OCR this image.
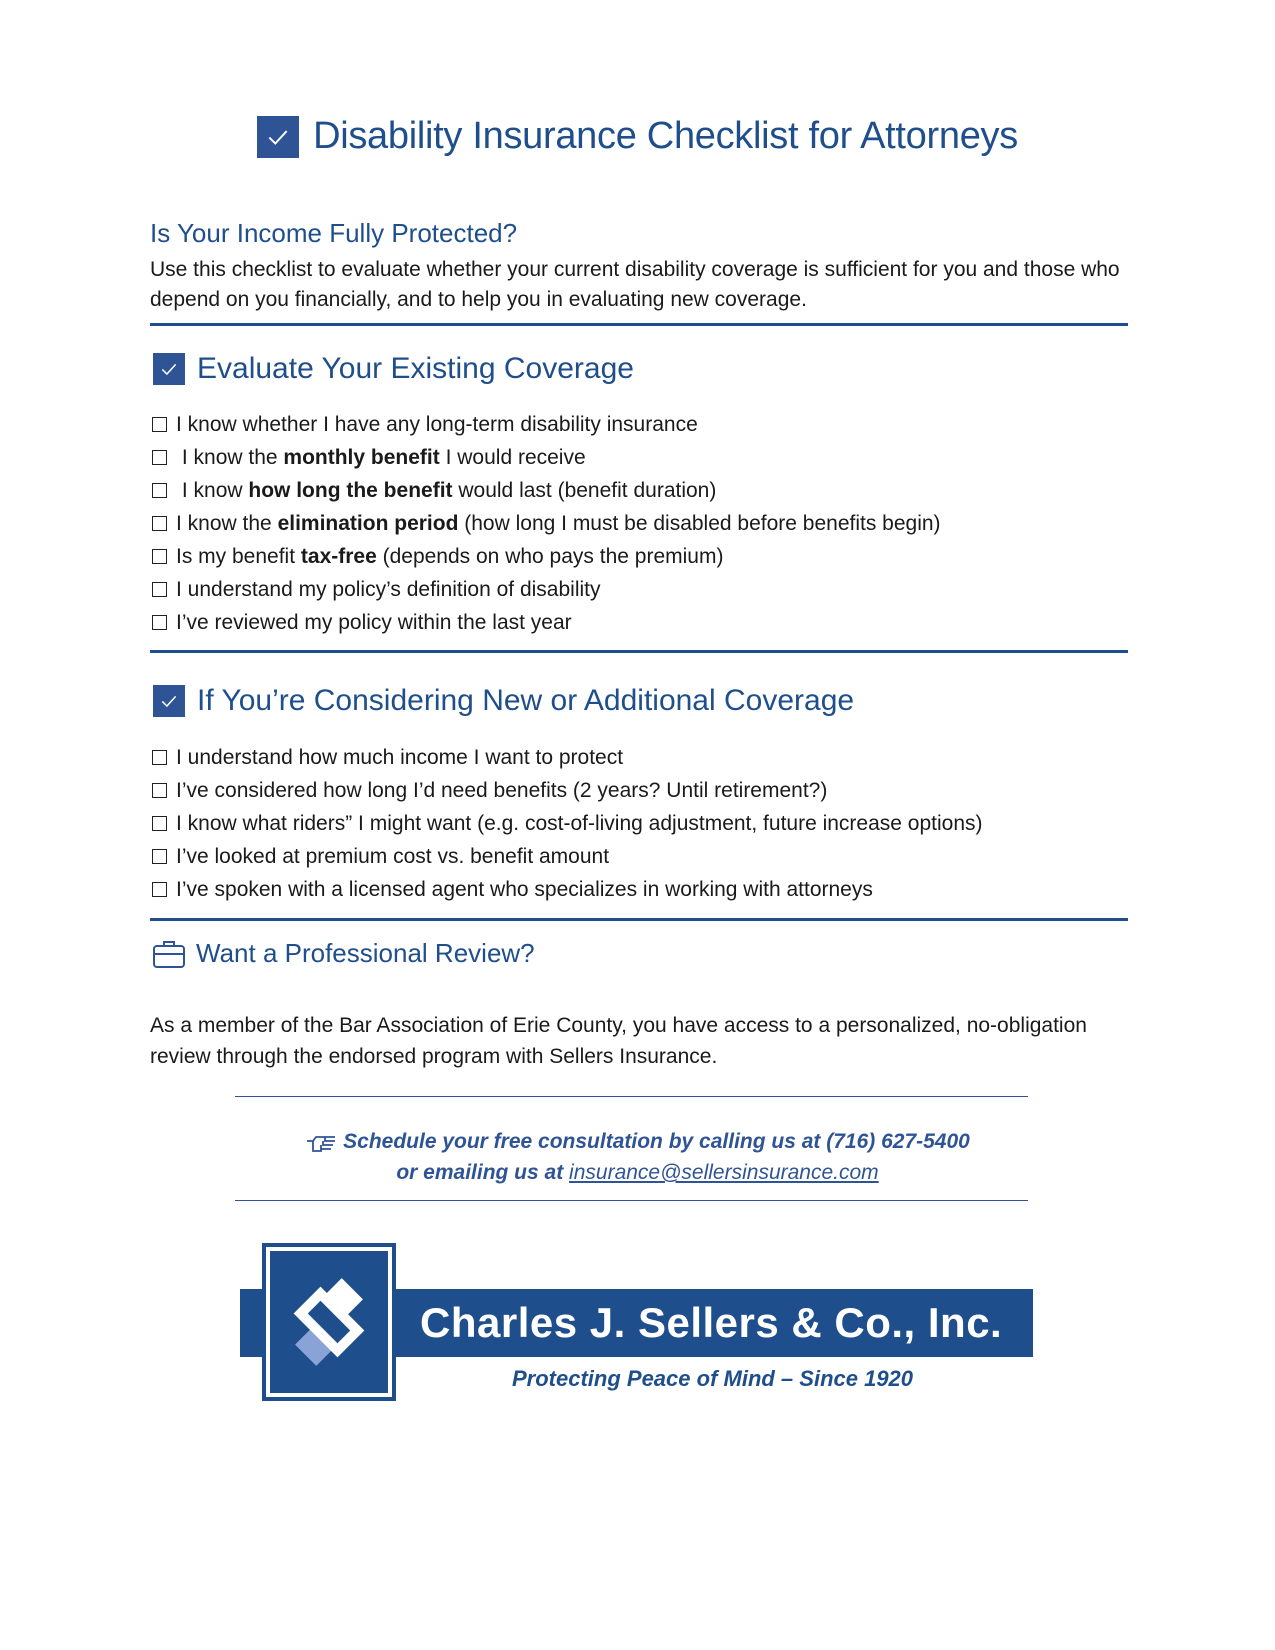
Disability Insurance Checklist for Attorneys
Is Your Income Fully Protected?

Use this checklist to evaluate whether your current disability coverage is sufficient for you and those who depend on you financially, and to help you in evaluating new coverage.

Evaluate Your Existing Coverage
I know whether I have any long-term disability insurance
I know the monthly benefit I would receive
I know how long the benefit would last (benefit duration)
I know the elimination period (how long I must be disabled before benefits begin)
Is my benefit tax-free (depends on who pays the premium)
I understand my policy’s definition of disability
I’ve reviewed my policy within the last year
If You’re Considering New or Additional Coverage
I understand how much income I want to protect
I’ve considered how long I’d need benefits (2 years? Until retirement?)
I know what riders” I might want (e.g. cost-of-living adjustment, future increase options)
I’ve looked at premium cost vs. benefit amount
I’ve spoken with a licensed agent who specializes in working with attorneys
Want a Professional Review?

As a member of the Bar Association of Erie County, you have access to a personalized, no-obligation review through the endorsed program with Sellers Insurance.

Schedule your free consultation by calling us at (716) 627-5400
or emailing us at insurance@sellersinsurance.com
Charles J. Sellers & Co., Inc.
Protecting Peace of Mind – Since 1920
